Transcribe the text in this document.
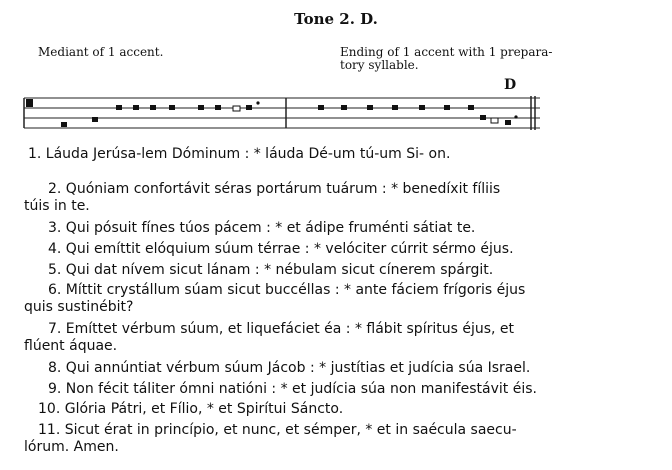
Tone 2. D.
Mediant of 1 accent.	Ending of 1 accent with 1 prepara-
tory syllable.
D
1. Láuda Jerúsa-lem Dóminum : * láuda Dé-um tú-um Si- on.
2. Quóniam confortávit séras portárum tuárum : * benedíxit fíliis
túis in te.
3. Qui pósuit fínes túos pácem : * et ádipe fruménti sátiat te.
4. Qui emíttit elóquium súum térrae : * velóciter cúrrit sérmo éjus.
5. Qui dat nívem sicut lánam : * nébulam sicut cínerem spárgit.
6. Míttit crystállum súam sicut buccéllas : * ante fáciem frígoris éjus
quis sustinébit?
7. Emíttet vérbum súum, et liquefáciet éa : * flábit spíritus éjus, et
flúent áquae.
8. Qui annúntiat vérbum súum Jácob : * justítias et judícia súa Israel.
9. Non fécit táliter ómni natióni : * et judícia súa non manifestávit éis.
10. Glória Pátri, et Fílio, * et Spirítui Sáncto.
11. Sicut érat in princípio, et nunc, et sémper, * et in saécula saecu-
lórum. Amen.
